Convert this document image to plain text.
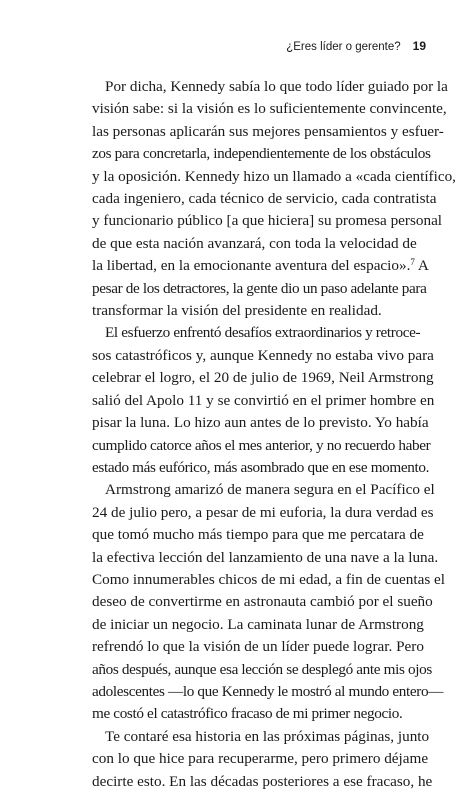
¿Eres líder o gerente? 19

Por dicha, Kennedy sabía lo que todo líder guiado por la
visión sabe: si la visión es lo suficientemente convincente,
las personas aplicarán sus mejores pensamientos y esfuer-
zos para concretarla, independientemente de los obstáculos
y la oposición. Kennedy hizo un llamado a «cada científico,
cada ingeniero, cada técnico de servicio, cada contratista
y funcionario público [a que hiciera] su promesa personal
de que esta nación avanzará, con toda la velocidad de
la libertad, en la emocionante aventura del espacio».$^7$ A
pesar de los detractores, la gente dio un paso adelante para
transformar la visión del presidente en realidad.

El esfuerzo enfrentó desafíos extraordinarios y retroce-
sos catastróficos y, aunque Kennedy no estaba vivo para
celebrar el logro, el 20 de julio de 1969, Neil Armstrong
salió del Apolo 11 y se convirtió en el primer hombre en
pisar la luna. Lo hizo aun antes de lo previsto. Yo había
cumplido catorce años el mes anterior, y no recuerdo haber
estado más eufórico, más asombrado que en ese momento.

Armstrong amarizó de manera segura en el Pacífico el
24 de julio pero, a pesar de mi euforia, la dura verdad es
que tomó mucho más tiempo para que me percatara de
la efectiva lección del lanzamiento de una nave a la luna.
Como innumerables chicos de mi edad, a fin de cuentas el
deseo de convertirme en astronauta cambió por el sueño
de iniciar un negocio. La caminata lunar de Armstrong
refrendó lo que la visión de un líder puede lograr. Pero
años después, aunque esa lección se desplegó ante mis ojos
adolescentes —lo que Kennedy le mostró al mundo entero—
me costó el catastrófico fracaso de mi primer negocio.

Te contaré esa historia en las próximas páginas, junto
con lo que hice para recuperarme, pero primero déjame
decirte esto. En las décadas posteriores a ese fracaso, he
